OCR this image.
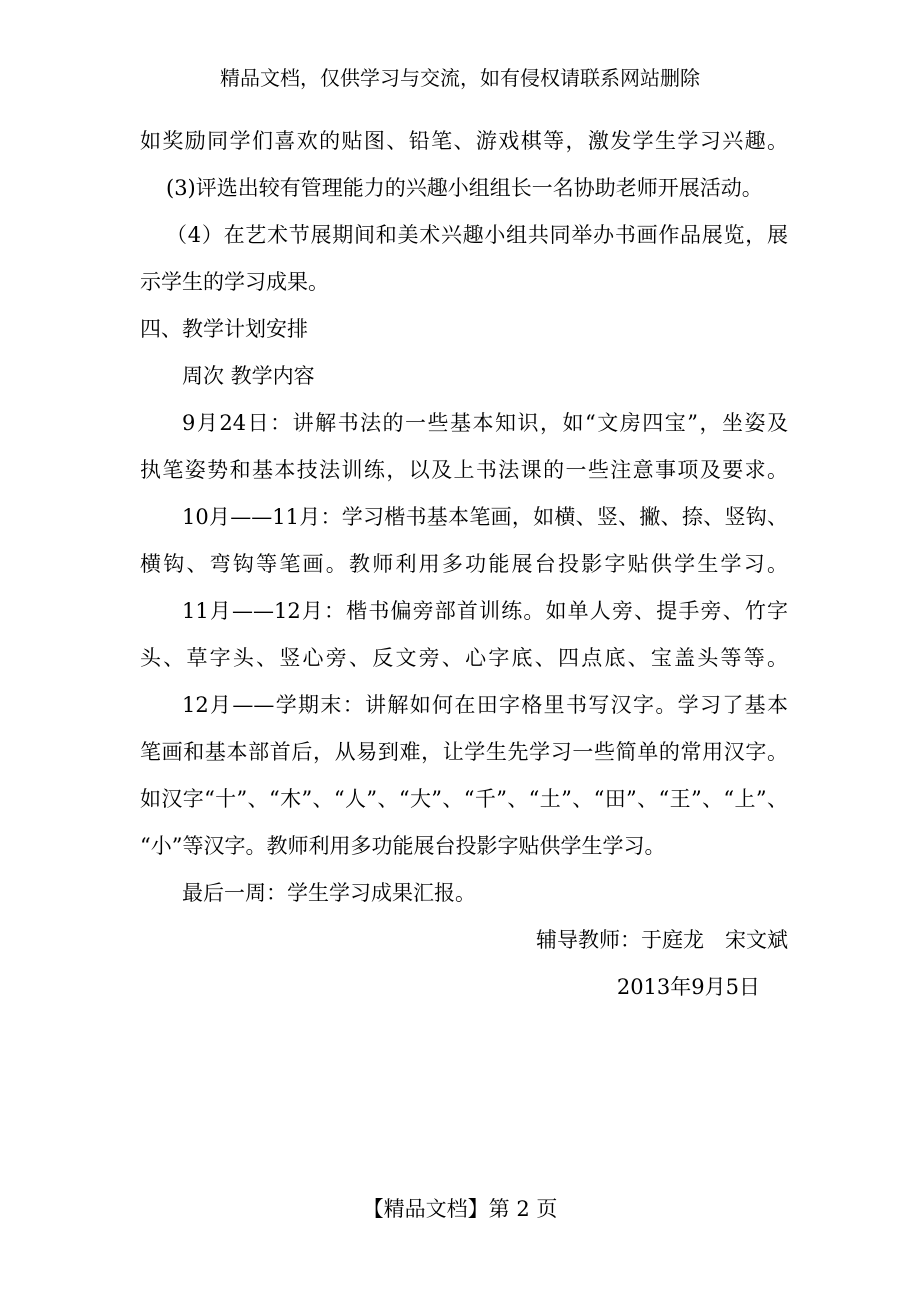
精品文档，仅供学习与交流，如有侵权请联系网站删除
如奖励同学们喜欢的贴图、铅笔、游戏棋等，激发学生学习兴趣。
(3)评选出较有管理能力的兴趣小组组长一名协助老师开展活动。
（4）在艺术节展期间和美术兴趣小组共同举办书画作品展览，展
示学生的学习成果。
四、教学计划安排
周次 教学内容
9月24日：讲解书法的一些基本知识，如“文房四宝”，坐姿及
执笔姿势和基本技法训练，以及上书法课的一些注意事项及要求。
10月——11月：学习楷书基本笔画，如横、竖、撇、捺、竖钩、
横钩、弯钩等笔画。教师利用多功能展台投影字贴供学生学习。
11月——12月：楷书偏旁部首训练。如单人旁、提手旁、竹字
头、草字头、竖心旁、反文旁、心字底、四点底、宝盖头等等。
12月——学期末：讲解如何在田字格里书写汉字。学习了基本
笔画和基本部首后，从易到难，让学生先学习一些简单的常用汉字。
如汉字“十”、“木”、“人”、“大”、“千”、“土”、“田”、“王”、“上”、
“小”等汉字。教师利用多功能展台投影字贴供学生学习。
最后一周：学生学习成果汇报。
辅导教师：于庭龙　宋文斌
2013年9月5日
【精品文档】第 2 页
